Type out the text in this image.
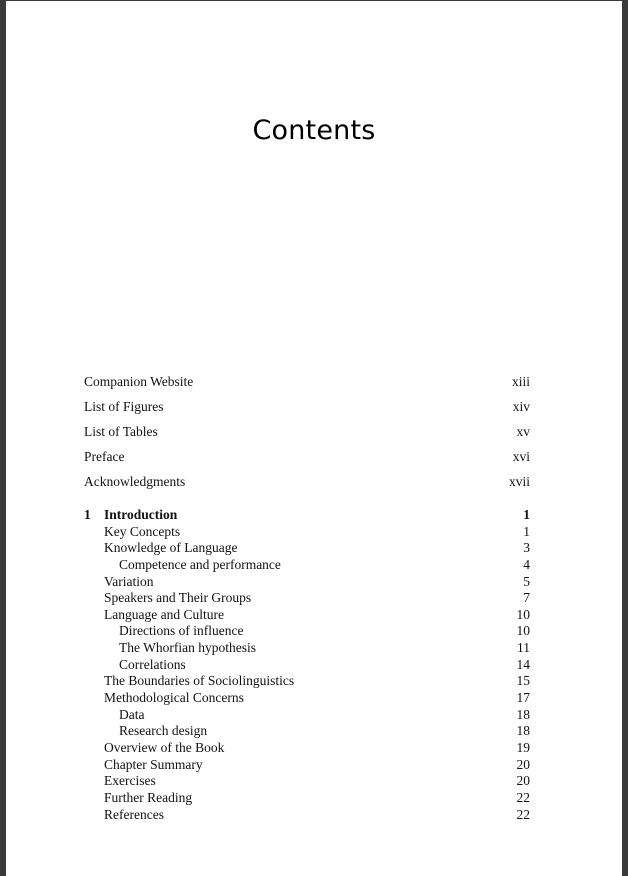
Contents
Companion Website	xiii
List of Figures	xiv
List of Tables	xv
Preface	xvi
Acknowledgments	xvii
1 Introduction	1
Key Concepts	1
Knowledge of Language	3
Competence and performance	4
Variation	5
Speakers and Their Groups	7
Language and Culture	10
Directions of influence	10
The Whorfian hypothesis	11
Correlations	14
The Boundaries of Sociolinguistics	15
Methodological Concerns	17
Data	18
Research design	18
Overview of the Book	19
Chapter Summary	20
Exercises	20
Further Reading	22
References	22
